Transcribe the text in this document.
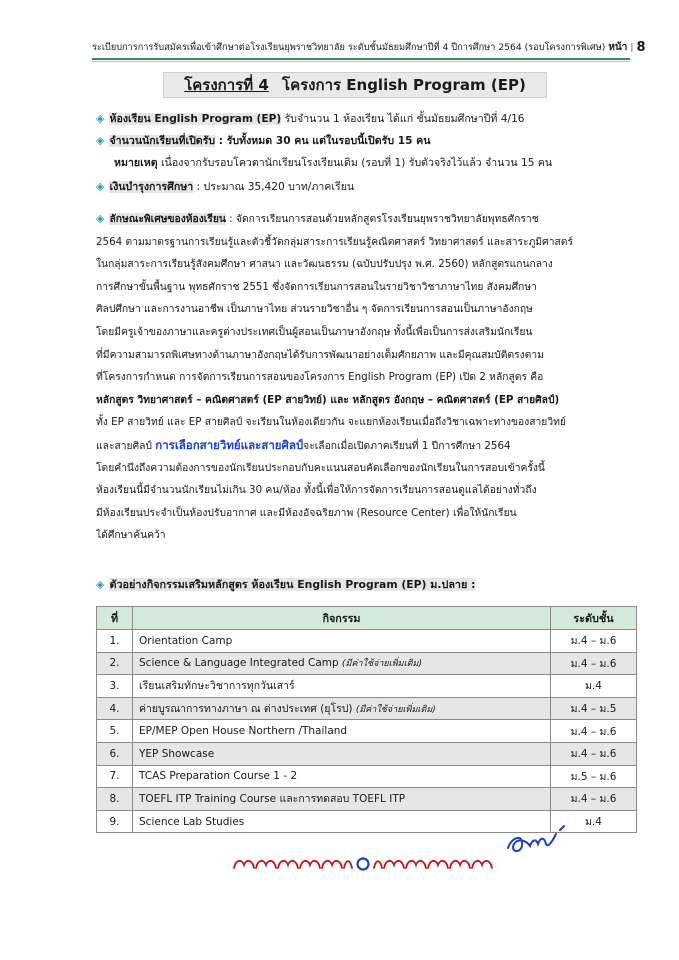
ระเบียบการการรับสมัครเพื่อเข้าศึกษาต่อโรงเรียนยุพราชวิทยาลัย ระดับชั้นมัธยมศึกษาปีที่ 4 ปีการศึกษา 2564 (รอบโครงการพิเศษ) หน้า | 8
โครงการที่ 4 โครงการ English Program (EP)
◈ ห้องเรียน English Program (EP) รับจำนวน 1 ห้องเรียน ได้แก่ ชั้นมัธยมศึกษาปีที่ 4/16
◈ จำนวนนักเรียนที่เปิดรับ : รับทั้งหมด 30 คน แต่ในรอบนี้เปิดรับ 15 คน
หมายเหตุ เนื่องจากรับรอบโควตานักเรียนโรงเรียนเดิม (รอบที่ 1) รับตัวจริงไว้แล้ว จำนวน 15 คน
◈ เงินบำรุงการศึกษา : ประมาณ 35,420 บาท/ภาคเรียน
◈ ลักษณะพิเศษของห้องเรียน : จัดการเรียนการสอนด้วยหลักสูตรโรงเรียนยุพราชวิทยาลัยพุทธศักราช
2564 ตามมาตรฐานการเรียนรู้และตัวชี้วัดกลุ่มสาระการเรียนรู้คณิตศาสตร์ วิทยาศาสตร์ และสาระภูมิศาสตร์
ในกลุ่มสาระการเรียนรู้สังคมศึกษา ศาสนา และวัฒนธรรม (ฉบับปรับปรุง พ.ศ. 2560) หลักสูตรแกนกลาง
การศึกษาขั้นพื้นฐาน พุทธศักราช 2551 ซึ่งจัดการเรียนการสอนในรายวิชาวิชาภาษาไทย สังคมศึกษา
ศิลปศึกษา และการงานอาชีพ เป็นภาษาไทย ส่วนรายวิชาอื่น ๆ จัดการเรียนการสอนเป็นภาษาอังกฤษ
โดยมีครูเจ้าของภาษาและครูต่างประเทศเป็นผู้สอนเป็นภาษาอังกฤษ ทั้งนี้เพื่อเป็นการส่งเสริมนักเรียน
ที่มีความสามารถพิเศษทางด้านภาษาอังกฤษได้รับการพัฒนาอย่างเต็มศักยภาพ และมีคุณสมบัติตรงตาม
ที่โครงการกำหนด การจัดการเรียนการสอนของโครงการ English Program (EP) เปิด 2 หลักสูตร คือ
หลักสูตร วิทยาศาสตร์ – คณิตศาสตร์ (EP สายวิทย์) และ หลักสูตร อังกฤษ – คณิตศาสตร์ (EP สายศิลป์)
ทั้ง EP สายวิทย์ และ EP สายศิลป์ จะเรียนในห้องเดียวกัน จะแยกห้องเรียนเมื่อถึงวิชาเฉพาะทางของสายวิทย์
และสายศิลป์ การเลือกสายวิทย์และสายศิลป์จะเลือกเมื่อเปิดภาคเรียนที่ 1 ปีการศึกษา 2564
โดยคำนึงถึงความต้องการของนักเรียนประกอบกับคะแนนสอบคัดเลือกของนักเรียนในการสอบเข้าครั้งนี้
ห้องเรียนนี้มีจำนวนนักเรียนไม่เกิน 30 คน/ห้อง ทั้งนี้เพื่อให้การจัดการเรียนการสอนดูแลได้อย่างทั่วถึง
มีห้องเรียนประจำเป็นห้องปรับอากาศ และมีห้องอัจฉริยภาพ (Resource Center) เพื่อให้นักเรียน
ได้ศึกษาค้นคว้า
◈ ตัวอย่างกิจกรรมเสริมหลักสูตร ห้องเรียน English Program (EP) ม.ปลาย :
ที่	กิจกรรม	ระดับชั้น
1.	Orientation Camp	ม.4 – ม.6
2.	Science & Language Integrated Camp (มีค่าใช้จ่ายเพิ่มเติม)	ม.4 – ม.6
3.	เรียนเสริมทักษะวิชาการทุกวันเสาร์	ม.4
4.	ค่ายบูรณาการทางภาษา ณ ต่างประเทศ (ยุโรป) (มีค่าใช้จ่ายเพิ่มเติม)	ม.4 – ม.5
5.	EP/MEP Open House Northern /Thailand	ม.4 – ม.6
6.	YEP Showcase	ม.4 – ม.6
7.	TCAS Preparation Course 1 - 2	ม.5 – ม.6
8.	TOEFL ITP Training Course และการทดสอบ TOEFL ITP	ม.4 – ม.6
9.	Science Lab Studies	ม.4
